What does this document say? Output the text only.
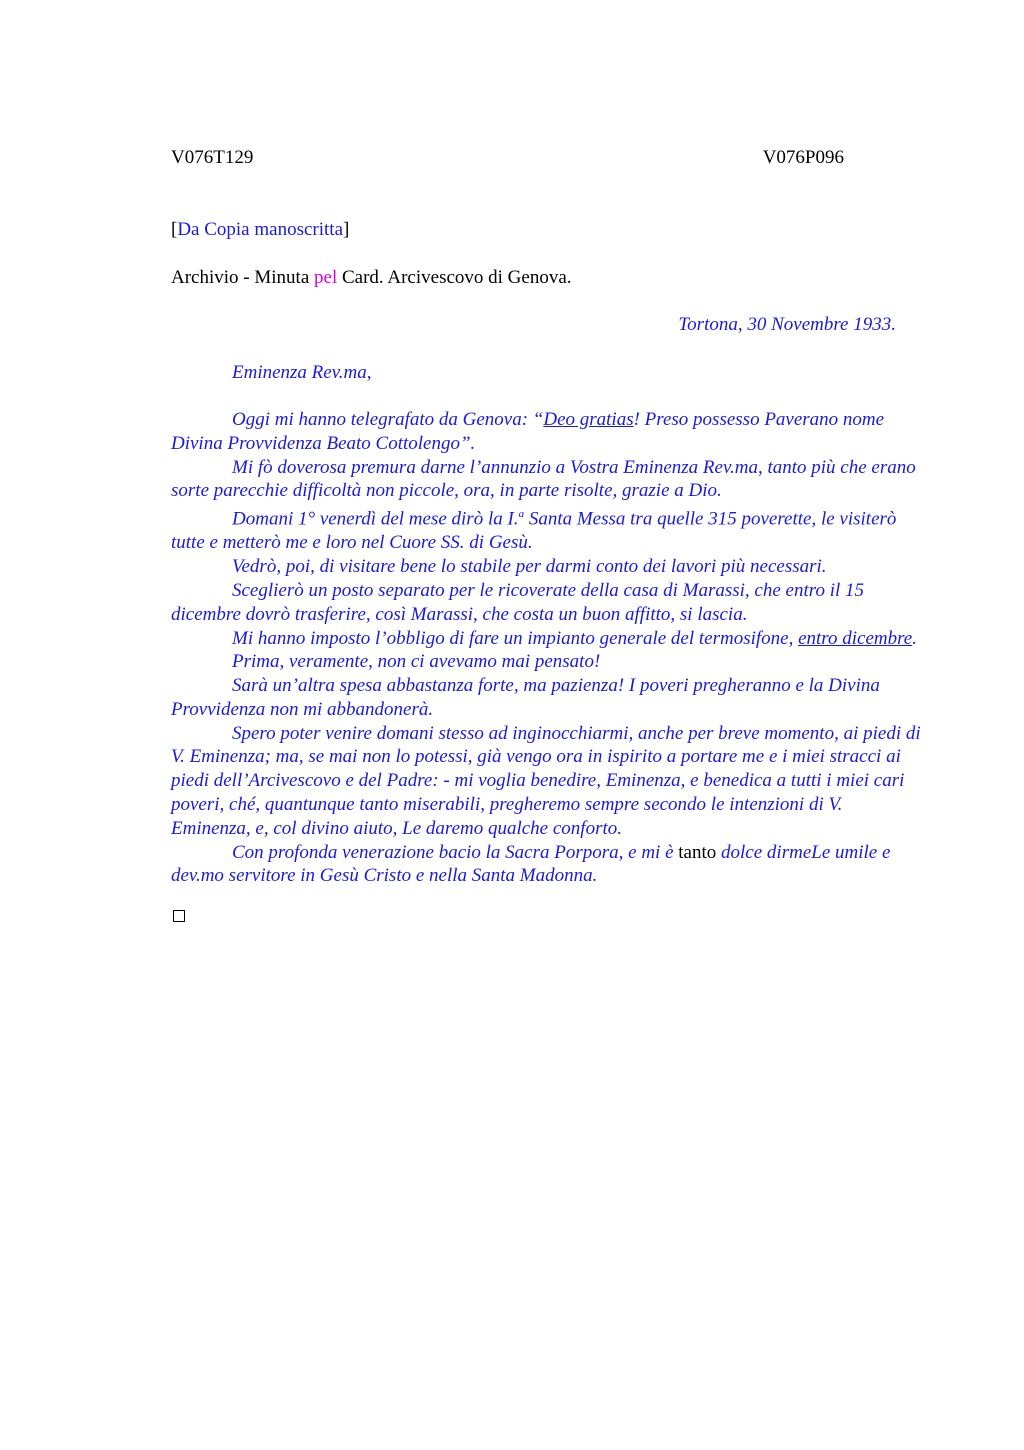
V076T129	V076P096
[Da Copia manoscritta]
Archivio - Minuta pel Card. Arcivescovo di Genova.
Tortona, 30 Novembre 1933.
Eminenza Rev.ma,

Oggi mi hanno telegrafato da Genova: “Deo gratias! Preso possesso Paverano nome Divina Provvidenza Beato Cottolengo”.

Mi fò doverosa premura darne l’annunzio a Vostra Eminenza Rev.ma, tanto più che erano sorte parecchie difficoltà non piccole, ora, in parte risolte, grazie a Dio.

Domani 1° venerdì del mese dirò la I.$^a$ Santa Messa tra quelle 315 poverette, le visiterò tutte e metterò me e loro nel Cuore SS. di Gesù.

Vedrò, poi, di visitare bene lo stabile per darmi conto dei lavori più necessari.

Sceglierò un posto separato per le ricoverate della casa di Marassi, che entro il 15 dicembre dovrò trasferire, così Marassi, che costa un buon affitto, si lascia.

Mi hanno imposto l’obbligo di fare un impianto generale del termosifone, entro dicembre.

Prima, veramente, non ci avevamo mai pensato!

Sarà un’altra spesa abbastanza forte, ma pazienza! I poveri pregheranno e la Divina Provvidenza non mi abbandonerà.

Spero poter venire domani stesso ad inginocchiarmi, anche per breve momento, ai piedi di V. Eminenza; ma, se mai non lo potessi, già vengo ora in ispirito a portare me e i miei stracci ai piedi dell’Arcivescovo e del Padre: - mi voglia benedire, Eminenza, e benedica a tutti i miei cari poveri, ché, quantunque tanto miserabili, pregheremo sempre secondo le intenzioni di V. Eminenza, e, col divino aiuto, Le daremo qualche conforto.

Con profonda venerazione bacio la Sacra Porpora, e mi è tanto dolce dirmeLe umile e dev.mo servitore in Gesù Cristo e nella Santa Madonna.
